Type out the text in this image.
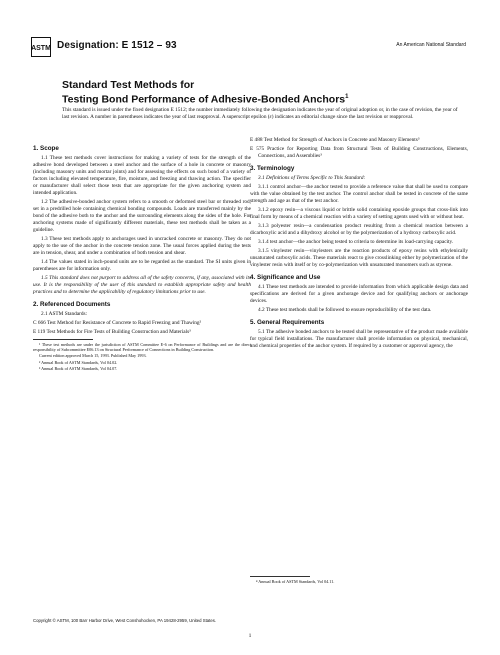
ASTM Designation: E 1512 – 93	An American National Standard
Standard Test Methods for
Testing Bond Performance of Adhesive-Bonded Anchors$^1$
This standard is issued under the fixed designation E 1512; the number immediately following the designation indicates the year of original adoption or, in the case of revision, the year of last revision. A number in parentheses indicates the year of last reapproval. A superscript epsilon (ε) indicates an editorial change since the last revision or reapproval.
1. Scope

1.1 These test methods cover instructions for making a variety of tests for the strength of the adhesive bond developed between a steel anchor and the surface of a hole in concrete or masonry (including masonry units and mortar joints) and for assessing the effects on such bond of a variety of factors including elevated temperature, fire, moisture, and freezing and thawing action. The specifier or manufacturer shall select those tests that are appropriate for the given anchoring system and intended application.

1.2 The adhesive-bonded anchor system refers to a smooth or deformed steel bar or threaded rod, set in a predrilled hole containing chemical bonding compounds. Loads are transferred mainly by the bond of the adhesive both to the anchor and the surrounding elements along the sides of the hole. For anchoring systems made of significantly different materials, these test methods shall be taken as a guideline.

1.3 These test methods apply to anchorages used in uncracked concrete or masonry. They do not apply to the use of the anchor in the concrete tension zone. The usual forces applied during the tests are in tension, shear, and under a combination of both tension and shear.

1.4 The values stated in inch-pound units are to be regarded as the standard. The SI units given in parentheses are for information only.

1.5 This standard does not purport to address all of the safety concerns, if any, associated with its use. It is the responsibility of the user of this standard to establish appropriate safety and health practices and to determine the applicability of regulatory limitations prior to use.

2. Referenced Documents

2.1 ASTM Standards:

C 666 Test Method for Resistance of Concrete to Rapid Freezing and Thawing²

E 119 Test Methods for Fire Tests of Building Construction and Materials³

¹ These test methods are under the jurisdiction of ASTM Committee E-6 on Performance of Buildings and are the direct responsibility of Subcommittee E06.13 on Structural Performance of Connections in Building Construction.

Current edition approved March 15, 1993. Published May 1993.

² Annual Book of ASTM Standards, Vol 04.02.

³ Annual Book of ASTM Standards, Vol 04.07.

E 488 Test Method for Strength of Anchors in Concrete and Masonry Elements³

E 575 Practice for Reporting Data from Structural Tests of Building Constructions, Elements, Connections, and Assemblies³

3. Terminology

3.1 Definitions of Terms Specific to This Standard:

3.1.1 control anchor—the anchor tested to provide a reference value that shall be used to compare with the value obtained by the test anchor. The control anchor shall be tested in concrete of the same strength and age as that of the test anchor.

3.1.2 epoxy resin—a viscous liquid or brittle solid containing epoxide groups that cross-link into final form by means of a chemical reaction with a variety of setting agents used with or without heat.

3.1.3 polyester resin—a condensation product resulting from a chemical reaction between a dicarboxylic acid and a dihydroxy alcohol or by the polymerization of a hydroxy carboxylic acid.

3.1.4 test anchor—the anchor being tested to criteria to determine its load-carrying capacity.

3.1.5 vinylester resin—vinylesters are the reaction products of epoxy resins with ethylenically unsaturated carboxylic acids. These materials react to give crosslinking either by polymerization of the vinylester resin with itself or by co-polymerization with unsaturated monomers such as styrene.

4. Significance and Use

4.1 These test methods are intended to provide information from which applicable design data and specifications are derived for a given anchorage device and for qualifying anchors or anchorage devices.

4.2 These test methods shall be followed to ensure reproducibility of the test data.

5. General Requirements

5.1 The adhesive bonded anchors to be tested shall be representative of the product made available for typical field installations. The manufacturer shall provide information on physical, mechanical, and chemical properties of the anchor system. If required by a customer or approval agency, the

⁴ Annual Book of ASTM Standards, Vol 04.11.

Copyright © ASTM, 100 Barr Harbor Drive, West Conshohocken, PA 19428-2959, United States.
1
